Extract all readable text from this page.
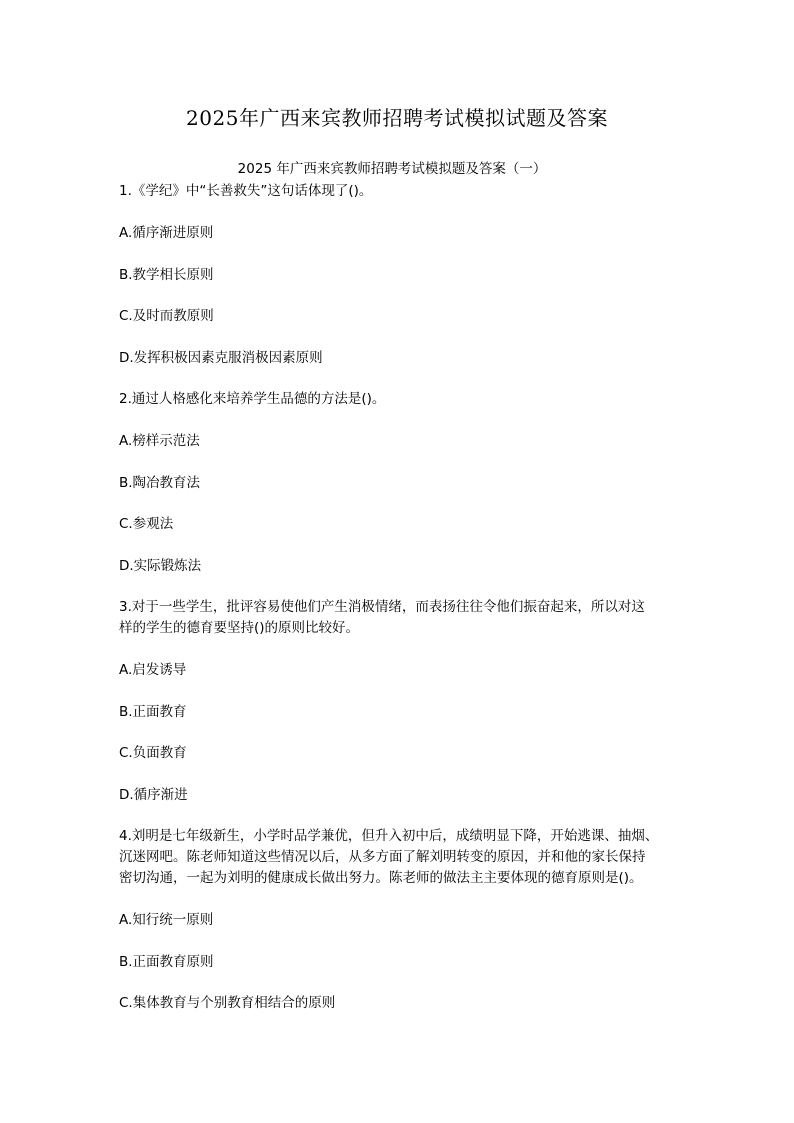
2025年广西来宾教师招聘考试模拟试题及答案
2025 年广西来宾教师招聘考试模拟题及答案（一）

1.《学纪》中“长善救失”这句话体现了()。

A.循序渐进原则

B.教学相长原则

C.及时而教原则

D.发挥积极因素克服消极因素原则

2.通过人格感化来培养学生品德的方法是()。

A.榜样示范法

B.陶冶教育法

C.参观法

D.实际锻炼法

3.对于一些学生，批评容易使他们产生消极情绪，而表扬往往令他们振奋起来，所以对这

样的学生的德育要坚持()的原则比较好。

A.启发诱导

B.正面教育

C.负面教育

D.循序渐进

4.刘明是七年级新生，小学时品学兼优，但升入初中后，成绩明显下降，开始逃课、抽烟、

沉迷网吧。陈老师知道这些情况以后，从多方面了解刘明转变的原因，并和他的家长保持

密切沟通，一起为刘明的健康成长做出努力。陈老师的做法主主要体现的德育原则是()。

A.知行统一原则

B.正面教育原则

C.集体教育与个别教育相结合的原则
